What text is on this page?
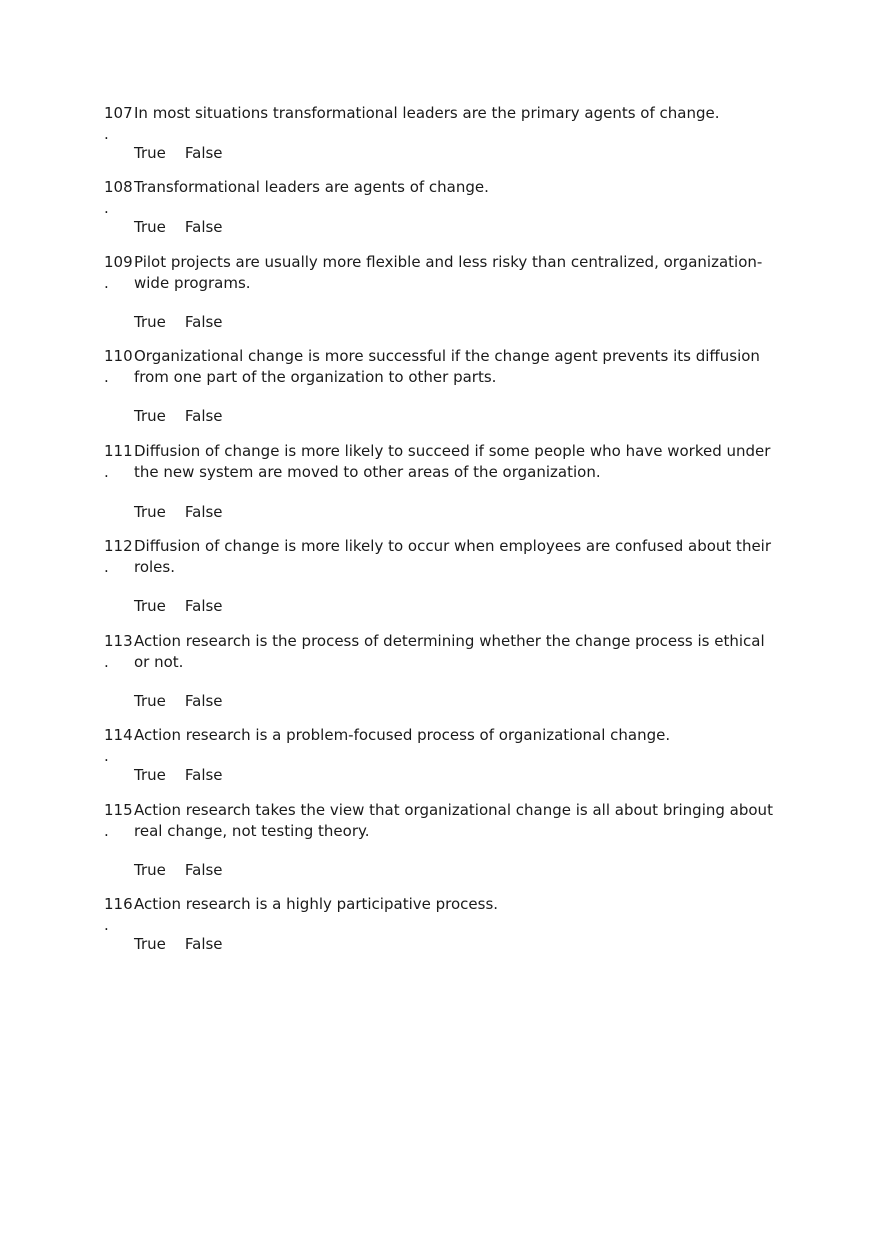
107
.
In most situations transformational leaders are the primary agents of change.
True False
108
.
Transformational leaders are agents of change.
True False
109
.
Pilot projects are usually more flexible and less risky than centralized, organization-
wide programs.
True False
110
.
Organizational change is more successful if the change agent prevents its diffusion
from one part of the organization to other parts.
True False
111
.
Diffusion of change is more likely to succeed if some people who have worked under
the new system are moved to other areas of the organization.
True False
112
.
Diffusion of change is more likely to occur when employees are confused about their
roles.
True False
113
.
Action research is the process of determining whether the change process is ethical
or not.
True False
114
.
Action research is a problem-focused process of organizational change.
True False
115
.
Action research takes the view that organizational change is all about bringing about
real change, not testing theory.
True False
116
.
Action research is a highly participative process.
True False
